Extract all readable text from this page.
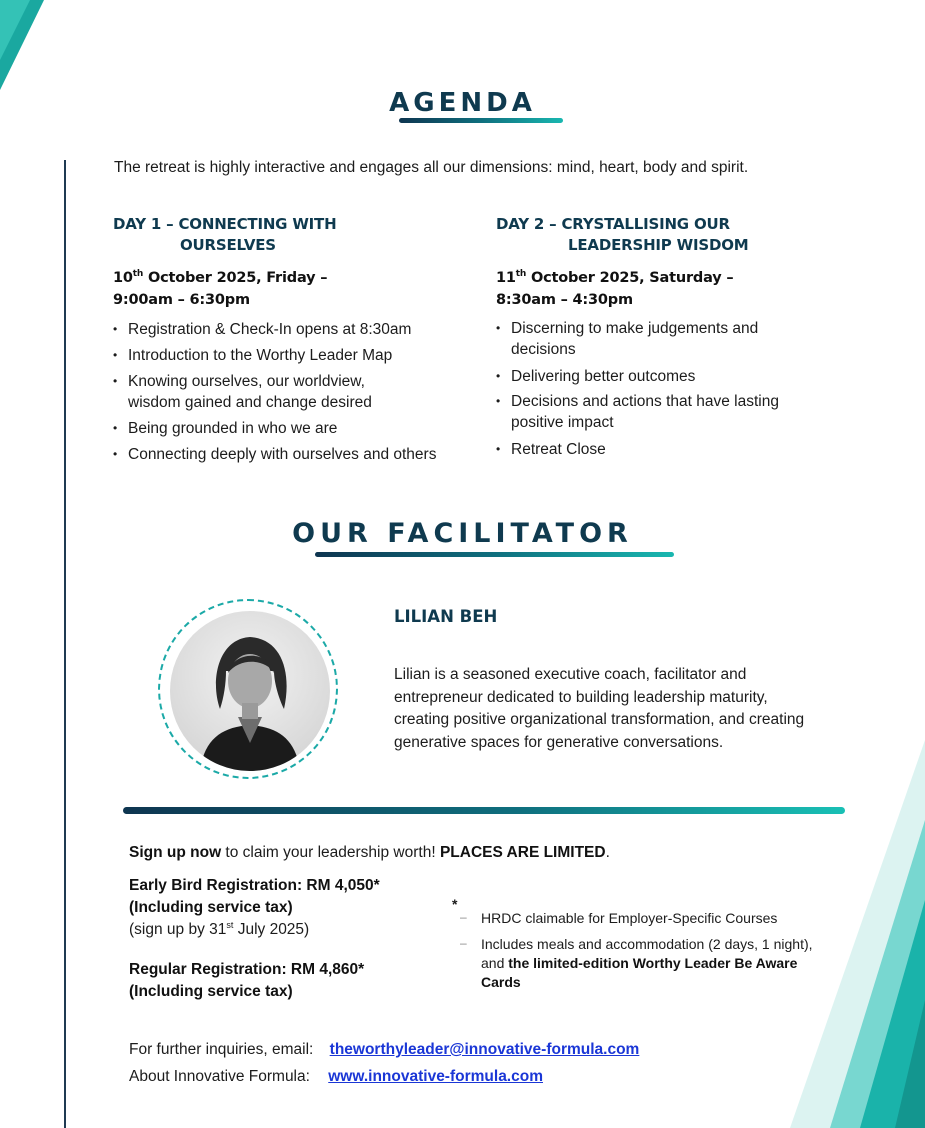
AGENDA
The retreat is highly interactive and engages all our dimensions: mind, heart, body and spirit.
DAY 1 – CONNECTING WITH
OURSELVES
10th October 2025, Friday –
9:00am – 6:30pm
• Registration & Check-In opens at 8:30am
• Introduction to the Worthy Leader Map
• Knowing ourselves, our worldview, wisdom gained and change desired
• Being grounded in who we are
• Connecting deeply with ourselves and others
DAY 2 – CRYSTALLISING OUR
LEADERSHIP WISDOM
11th October 2025, Saturday –
8:30am – 4:30pm
• Discerning to make judgements and decisions
• Delivering better outcomes
• Decisions and actions that have lasting positive impact
• Retreat Close
OUR FACILITATOR
LILIAN BEH
Lilian is a seasoned executive coach, facilitator and entrepreneur dedicated to building leadership maturity, creating positive organizational transformation, and creating generative spaces for generative conversations.
Sign up now to claim your leadership worth! PLACES ARE LIMITED.
Early Bird Registration: RM 4,050*
(Including service tax)
(sign up by 31st July 2025)
Regular Registration: RM 4,860*
(Including service tax)
*
– HRDC claimable for Employer-Specific Courses
– Includes meals and accommodation (2 days, 1 night), and the limited-edition Worthy Leader Be Aware Cards
For further inquiries, email: theworthyleader@innovative-formula.com
About Innovative Formula: www.innovative-formula.com
